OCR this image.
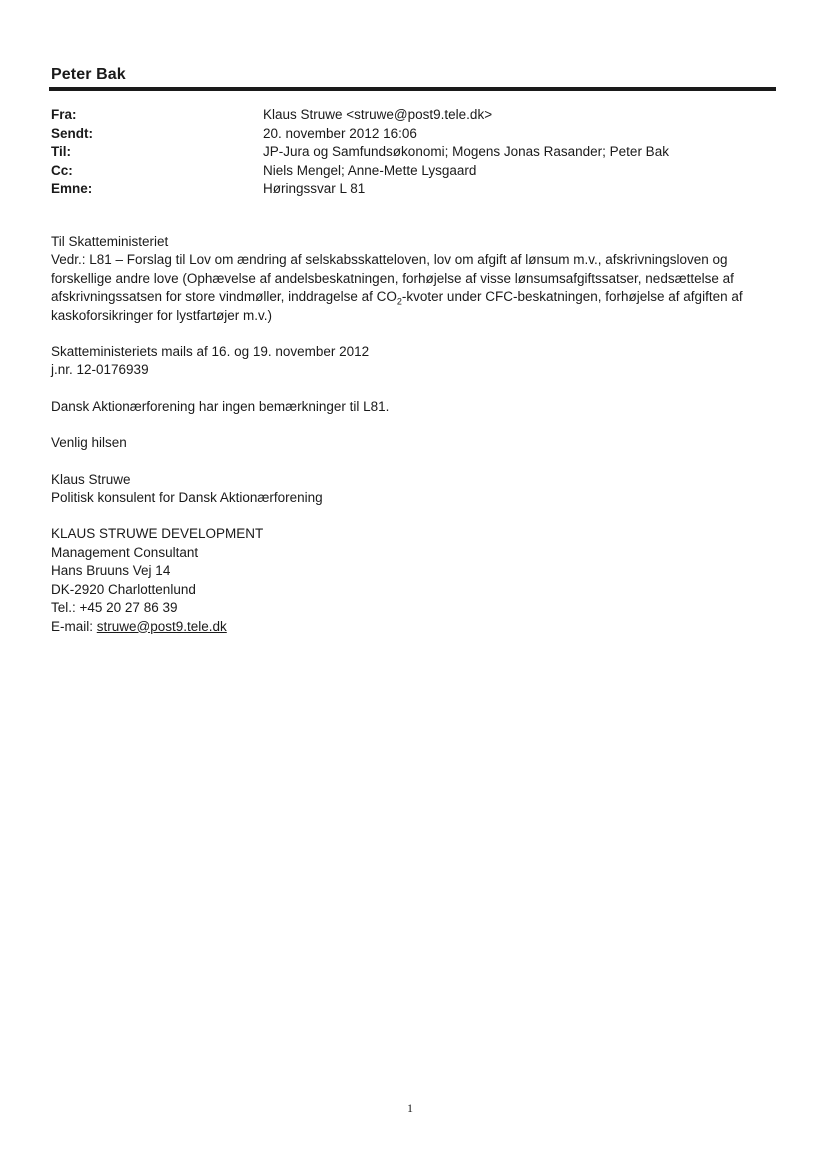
Peter Bak
Fra:	Klaus Struwe <struwe@post9.tele.dk>
Sendt:	20. november 2012 16:06
Til:	JP-Jura og Samfundsøkonomi; Mogens Jonas Rasander; Peter Bak
Cc:	Niels Mengel; Anne-Mette Lysgaard
Emne:	Høringssvar L 81

Til Skatteministeriet

Vedr.: L81 – Forslag til Lov om ændring af selskabsskatteloven, lov om afgift af lønsum m.v., afskrivningsloven og
forskellige andre love (Ophævelse af andelsbeskatningen, forhøjelse af visse lønsumsafgiftssatser, nedsættelse af
afskrivningssatsen for store vindmøller, inddragelse af $CO_2$-kvoter under CFC-beskatningen, forhøjelse af afgiften af
kaskoforsikringer for lystfartøjer m.v.)

Skatteministeriets mails af 16. og 19. november 2012

j.nr. 12-0176939

Dansk Aktionærforening har ingen bemærkninger til L81.

Venlig hilsen

Klaus Struwe

Politisk konsulent for Dansk Aktionærforening

KLAUS STRUWE DEVELOPMENT

Management Consultant

Hans Bruuns Vej 14

DK-2920 Charlottenlund

Tel.: +45 20 27 86 39

E-mail: struwe@post9.tele.dk

1
